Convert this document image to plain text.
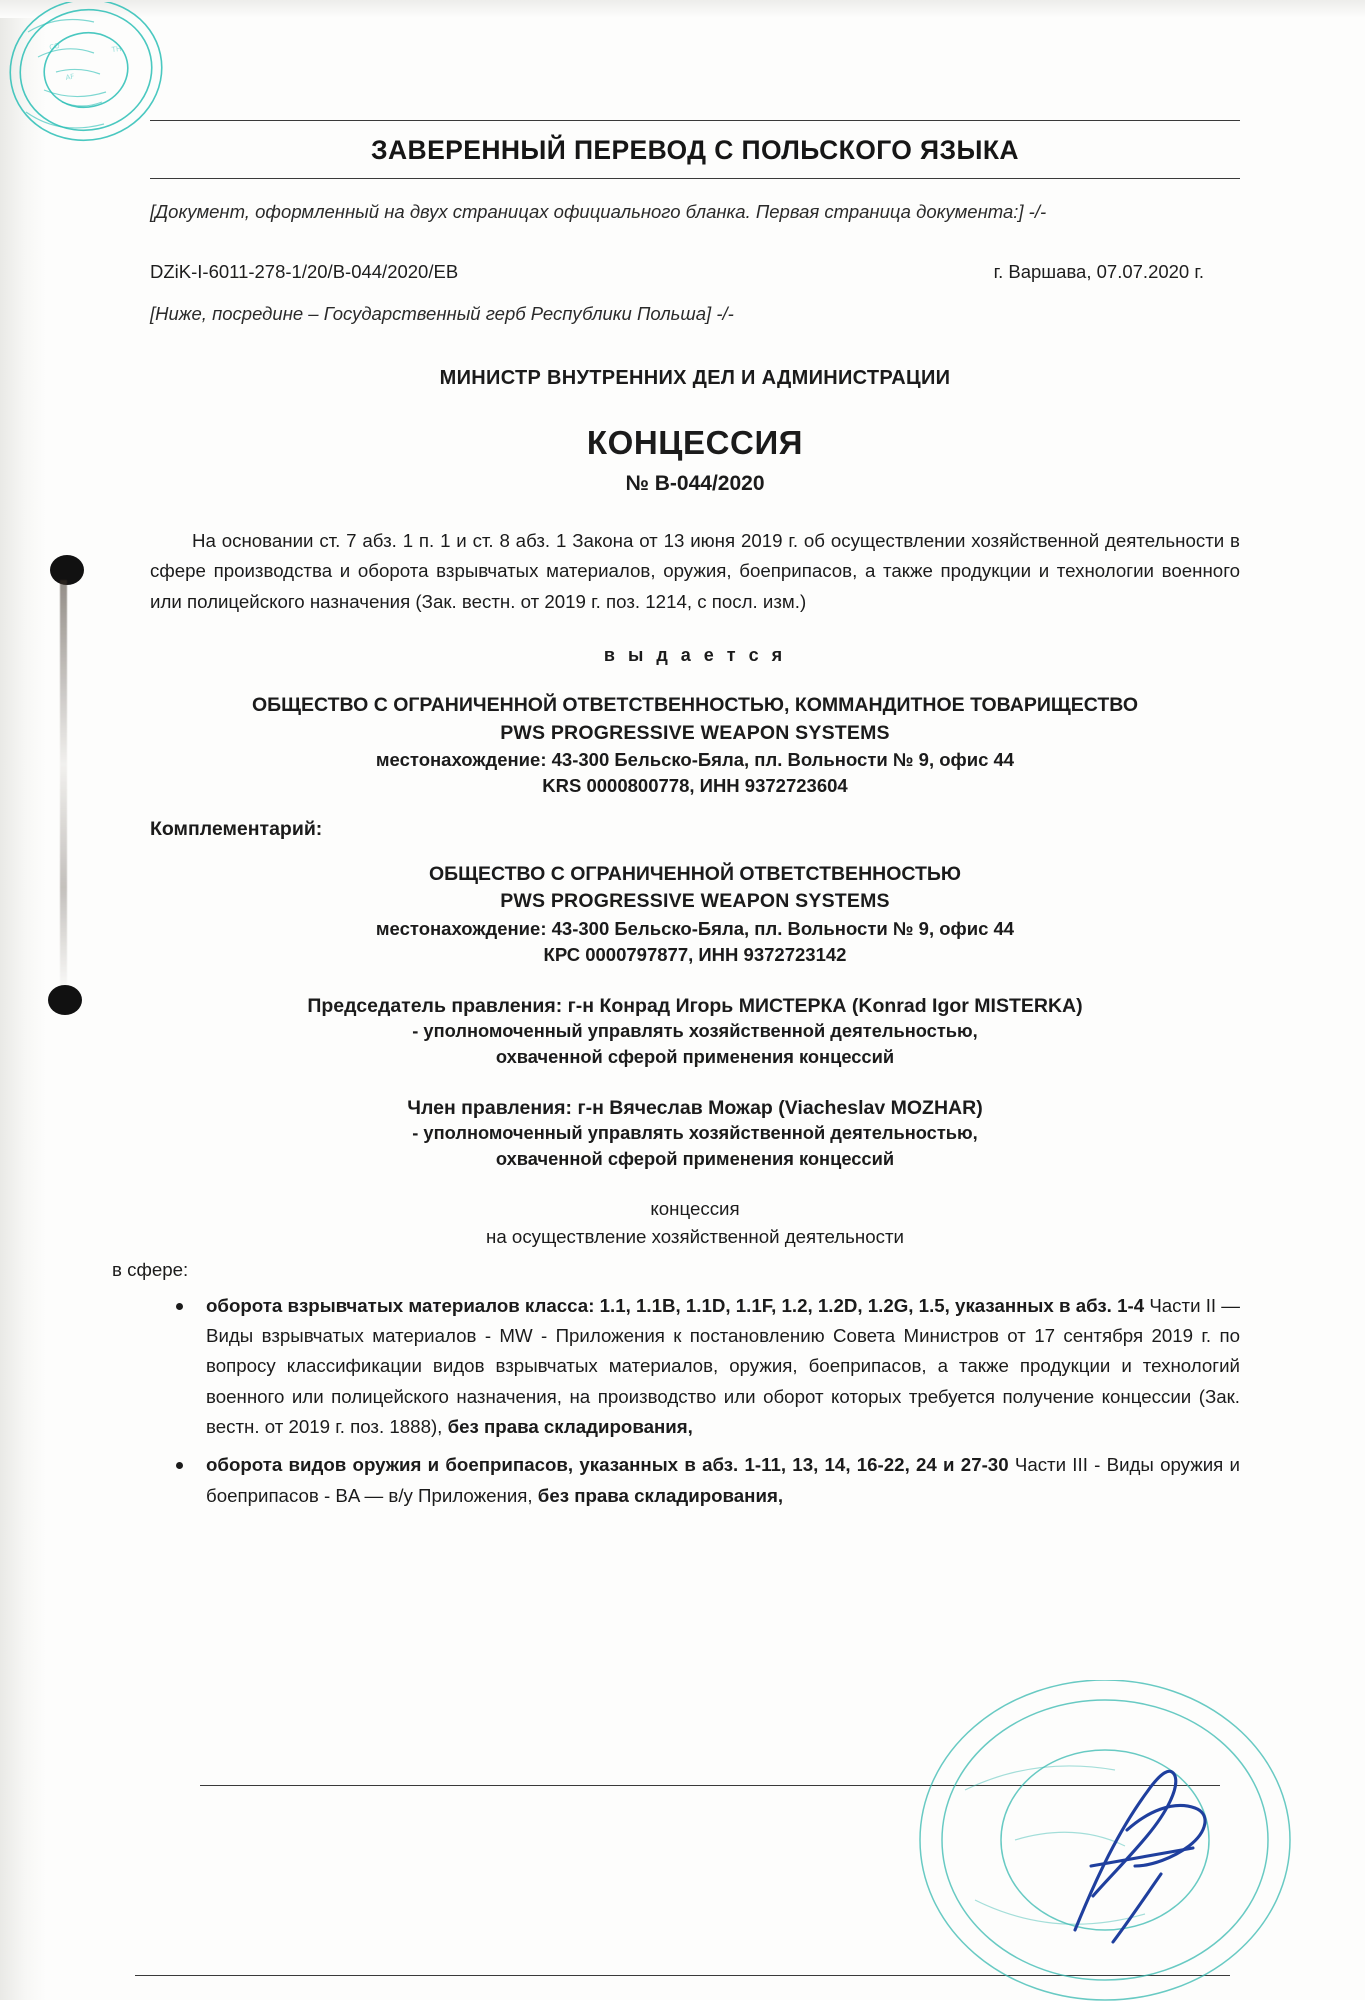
CO	TH
AF
ЗАВЕРЕННЫЙ ПЕРЕВОД С ПОЛЬСКОГО ЯЗЫКА

[Документ, оформленный на двух страницах официального бланка. Первая страница документа:] -/-

DZiK-I-6011-278-1/20/B-044/2020/EB	г. Варшава, 07.07.2020 г.

[Ниже, посредине – Государственный герб Республики Польша] -/-

МИНИСТР ВНУТРЕННИХ ДЕЛ И АДМИНИСТРАЦИИ
КОНЦЕССИЯ
№ B-044/2020

На основании ст. 7 абз. 1 п. 1 и ст. 8 абз. 1 Закона от 13 июня 2019 г. об осуществлении хозяйственной деятельности в сфере производства и оборота взрывчатых материалов, оружия, боеприпасов, а также продукции и технологии военного или полицейского назначения (Зак. вестн. от 2019 г. поз. 1214, с посл. изм.)

в ы д а е т с я
ОБЩЕСТВО С ОГРАНИЧЕННОЙ ОТВЕТСТВЕННОСТЬЮ, КОММАНДИТНОЕ ТОВАРИЩЕСТВО
PWS PROGRESSIVE WEAPON SYSTEMS
местонахождение: 43-300 Бельско-Бяла, пл. Вольности № 9, офис 44
KRS 0000800778, ИНН 9372723604
Комплементарий:
ОБЩЕСТВО С ОГРАНИЧЕННОЙ ОТВЕТСТВЕННОСТЬЮ
PWS PROGRESSIVE WEAPON SYSTEMS
местонахождение: 43-300 Бельско-Бяла, пл. Вольности № 9, офис 44
КРС 0000797877, ИНН 9372723142
Председатель правления: г-н Конрад Игорь МИСТЕРКА (Konrad Igor MISTERKA)
- уполномоченный управлять хозяйственной деятельностью,
охваченной сферой применения концессий
Член правления: г-н Вячеслав Можар (Viacheslav MOZHAR)
- уполномоченный управлять хозяйственной деятельностью,
охваченной сферой применения концессий
концессия
на осуществление хозяйственной деятельности
в сфере:
оборота взрывчатых материалов класса: 1.1, 1.1B, 1.1D, 1.1F, 1.2, 1.2D, 1.2G, 1.5, указанных в абз. 1-4 Части II — Виды взрывчатых материалов - MW - Приложения к постановлению Совета Министров от 17 сентября 2019 г. по вопросу классификации видов взрывчатых материалов, оружия, боеприпасов, а также продукции и технологий военного или полицейского назначения, на производство или оборот которых требуется получение концессии (Зак. вестн. от 2019 г. поз. 1888), без права складирования,
оборота видов оружия и боеприпасов, указанных в абз. 1-11, 13, 14, 16-22, 24 и 27-30 Части III - Виды оружия и боеприпасов - BA — в/у Приложения, без права складирования,
